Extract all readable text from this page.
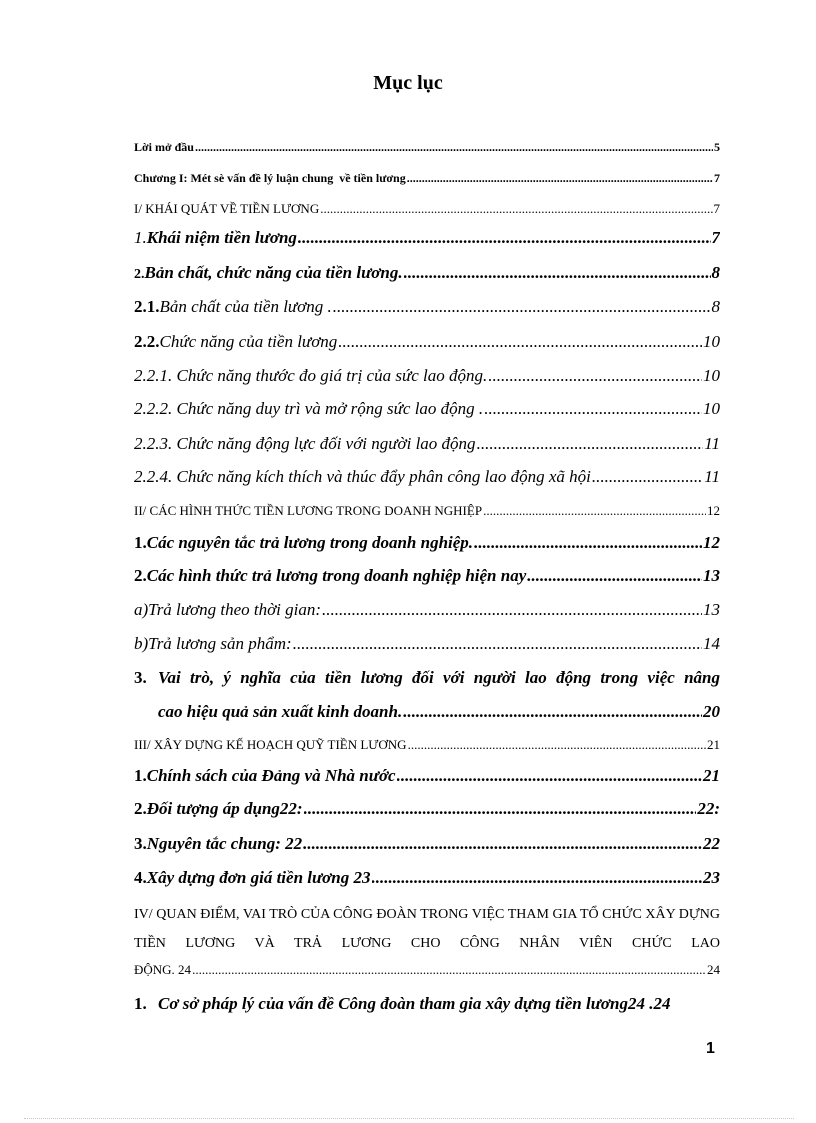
Mục lục
Lời mở đầu .....	5
Chương I: Mét sè vấn đề lý luận chung  về tiền lương .....	7
I/ KHÁI QUÁT VỀ TIỀN LƯƠNG .....	7
1. Khái niệm tiền lương .....	7
2. Bản chất, chức năng của tiền lương. .....	8
2.1. Bản chất của tiền lương . .....	8
2.2. Chức năng của tiền lương .....	10
2.2.1. Chức năng thước đo giá trị của sức lao động. .....	10
2.2.2. Chức năng duy trì và mở rộng sức lao động . .....	10
2.2.3. Chức năng động lực đối với người lao động .....	11
2.2.4. Chức năng kích thích và thúc đẩy phân công lao động xã hội .....	11
II/ CÁC HÌNH THỨC TIỀN LƯƠNG TRONG DOANH NGHIỆP .....	12
1. Các nguyên tắc trả lương trong doanh nghiệp. .....	12
2. Các hình thức trả lương trong doanh nghiệp hiện nay .....	13
a) Trả lương theo thời gian: .....	13
b) Trả lương sản phẩm: .....	14
3. Vai trò, ý nghĩa của tiền lương đối với người lao động trong việc nâng
cao hiệu quả sản xuất kinh doanh. .....	20
III/ XÂY DỰNG KẾ HOẠCH QUỸ TIỀN LƯƠNG .....	21
1. Chính sách của Đảng và Nhà nước .....	21
2. Đối tượng áp dụng22: .....	22:
3. Nguyên tắc chung: 22 .....	22
4. Xây dựng đơn giá tiền lương 23 .....	23
IV/ QUAN ĐIỂM, VAI TRÒ CỦA CÔNG ĐOÀN TRONG VIỆC THAM GIA TỔ CHỨC XÂY DỰNG TIỀN LƯƠNG VÀ TRẢ LƯƠNG CHO CÔNG NHÂN VIÊN CHỨC LAO
ĐỘNG. 24 .....	24
1. Cơ sở pháp lý của vấn đề Công đoàn tham gia xây dựng tiền lương24 . 24
1
